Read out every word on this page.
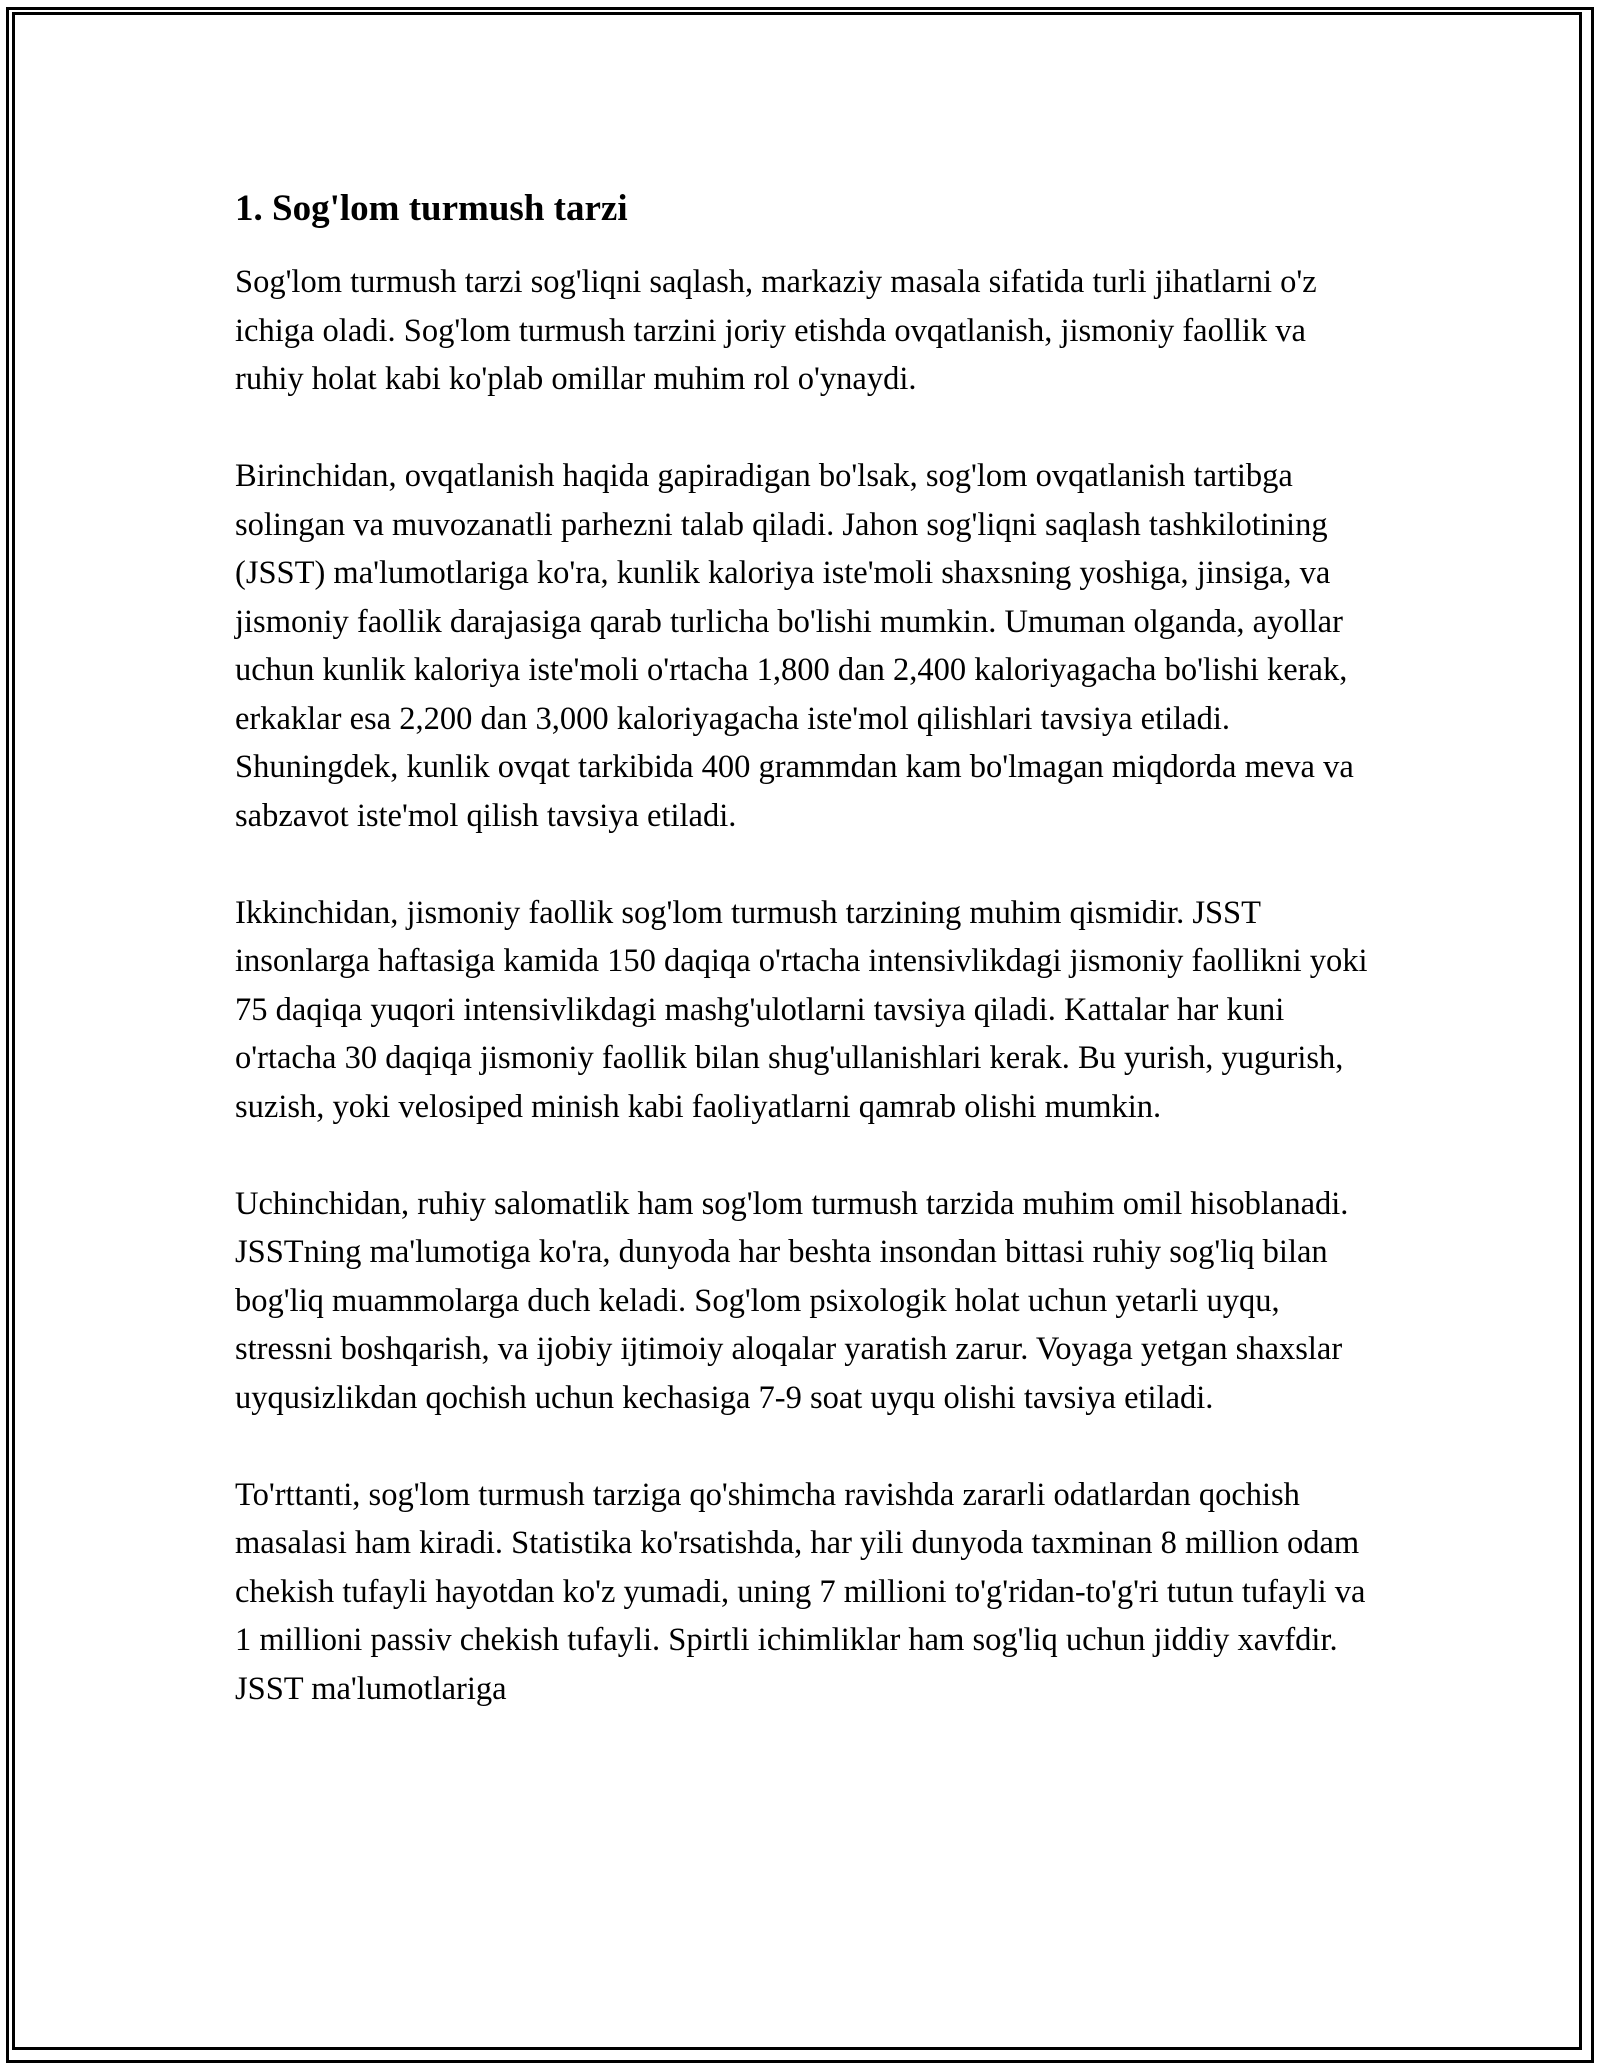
1. Sog'lom turmush tarzi

Sog'lom turmush tarzi sog'liqni saqlash, markaziy masala sifatida turli jihatlarni o'z ichiga oladi. Sog'lom turmush tarzini joriy etishda ovqatlanish, jismoniy faollik va ruhiy holat kabi ko'plab omillar muhim rol o'ynaydi.

Birinchidan, ovqatlanish haqida gapiradigan bo'lsak, sog'lom ovqatlanish tartibga solingan va muvozanatli parhezni talab qiladi. Jahon sog'liqni saqlash tashkilotining (JSST) ma'lumotlariga ko'ra, kunlik kaloriya iste'moli shaxsning yoshiga, jinsiga, va jismoniy faollik darajasiga qarab turlicha bo'lishi mumkin. Umuman olganda, ayollar uchun kunlik kaloriya iste'moli o'rtacha 1,800 dan 2,400 kaloriyagacha bo'lishi kerak, erkaklar esa 2,200 dan 3,000 kaloriyagacha iste'mol qilishlari tavsiya etiladi. Shuningdek, kunlik ovqat tarkibida 400 grammdan kam bo'lmagan miqdorda meva va sabzavot iste'mol qilish tavsiya etiladi.

Ikkinchidan, jismoniy faollik sog'lom turmush tarzining muhim qismidir. JSST insonlarga haftasiga kamida 150 daqiqa o'rtacha intensivlikdagi jismoniy faollikni yoki 75 daqiqa yuqori intensivlikdagi mashg'ulotlarni tavsiya qiladi. Kattalar har kuni o'rtacha 30 daqiqa jismoniy faollik bilan shug'ullanishlari kerak. Bu yurish, yugurish, suzish, yoki velosiped minish kabi faoliyatlarni qamrab olishi mumkin.

Uchinchidan, ruhiy salomatlik ham sog'lom turmush tarzida muhim omil hisoblanadi. JSSTning ma'lumotiga ko'ra, dunyoda har beshta insondan bittasi ruhiy sog'liq bilan bog'liq muammolarga duch keladi. Sog'lom psixologik holat uchun yetarli uyqu, stressni boshqarish, va ijobiy ijtimoiy aloqalar yaratish zarur. Voyaga yetgan shaxslar uyqusizlikdan qochish uchun kechasiga 7-9 soat uyqu olishi tavsiya etiladi.

To'rttanti, sog'lom turmush tarziga qo'shimcha ravishda zararli odatlardan qochish masalasi ham kiradi. Statistika ko'rsatishda, har yili dunyoda taxminan 8 million odam chekish tufayli hayotdan ko'z yumadi, uning 7 millioni to'g'ridan-to'g'ri tutun tufayli va 1 millioni passiv chekish tufayli. Spirtli ichimliklar ham sog'liq uchun jiddiy xavfdir. JSST ma'lumotlariga
